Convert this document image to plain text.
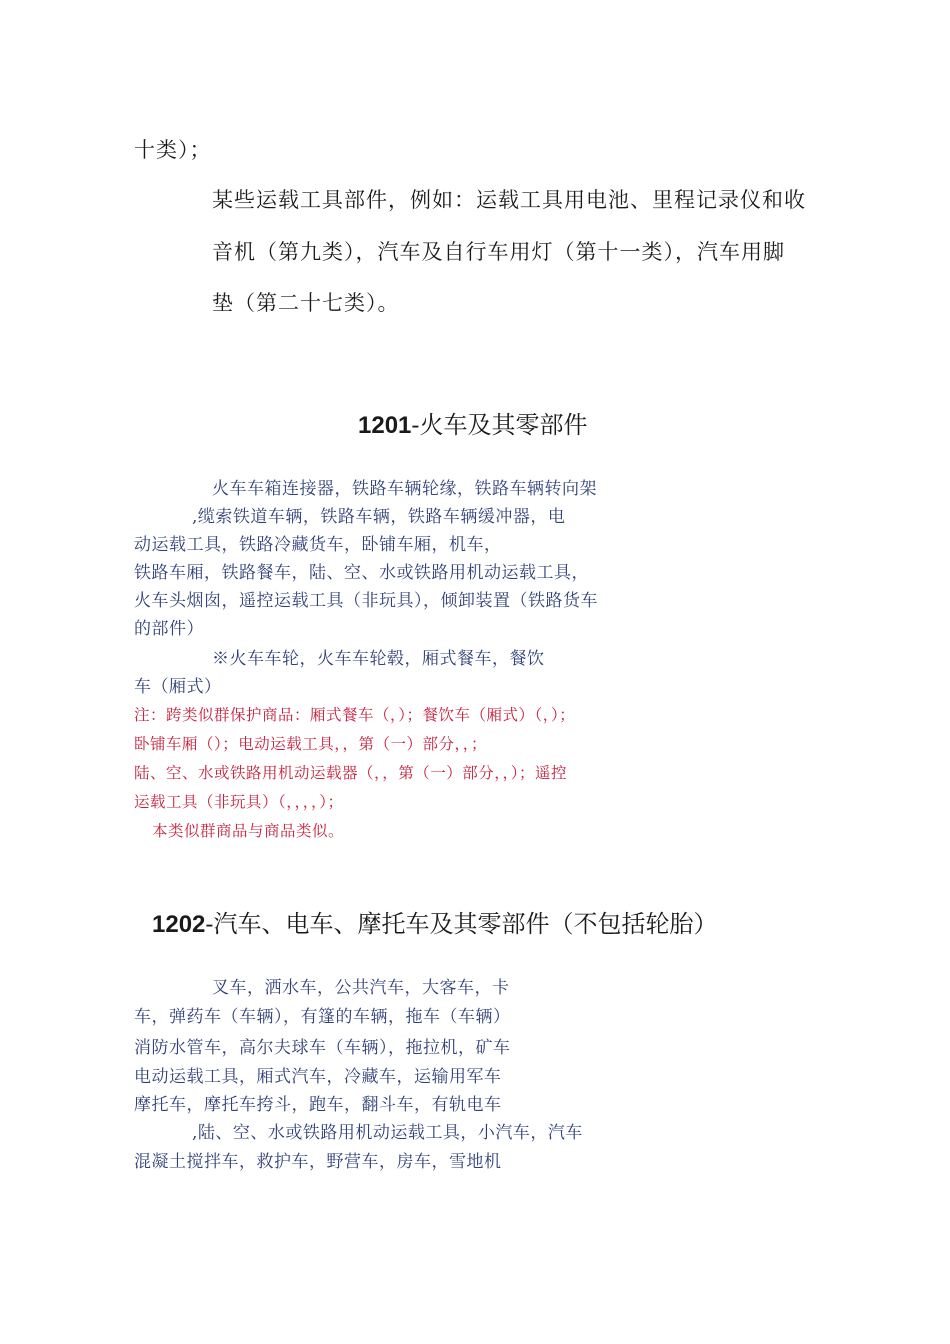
十类）；
某些运载工具部件，例如：运载工具用电池、里程记录仪和收
音机（第九类），汽车及自行车用灯（第十一类），汽车用脚
垫（第二十七类）。
1201-火车及其零部件
火车车箱连接器，铁路车辆轮缘，铁路车辆转向架
,缆索铁道车辆，铁路车辆，铁路车辆缓冲器，电
动运载工具，铁路冷藏货车，卧铺车厢，机车，
铁路车厢，铁路餐车，陆、空、水或铁路用机动运载工具，
火车头烟囱，遥控运载工具（非玩具），倾卸装置（铁路货车
的部件）
※火车车轮，火车车轮毂，厢式餐车，餐饮
车（厢式）
注：跨类似群保护商品：厢式餐车（，）；餐饮车（厢式）（，）；
卧铺车厢（）；电动运载工具，，第（一）部分，，；
陆、空、水或铁路用机动运载器（，，第（一）部分，，）；遥控
运载工具（非玩具）（，，，，）；
本类似群商品与商品类似。
1202-汽车、电车、摩托车及其零部件（不包括轮胎）
叉车，洒水车，公共汽车，大客车，卡
车，弹药车（车辆），有篷的车辆，拖车（车辆）
消防水管车，高尔夫球车（车辆），拖拉机，矿车
电动运载工具，厢式汽车，冷藏车，运输用军车
摩托车，摩托车挎斗，跑车，翻斗车，有轨电车
,陆、空、水或铁路用机动运载工具，小汽车，汽车
混凝土搅拌车，救护车，野营车，房车，雪地机
